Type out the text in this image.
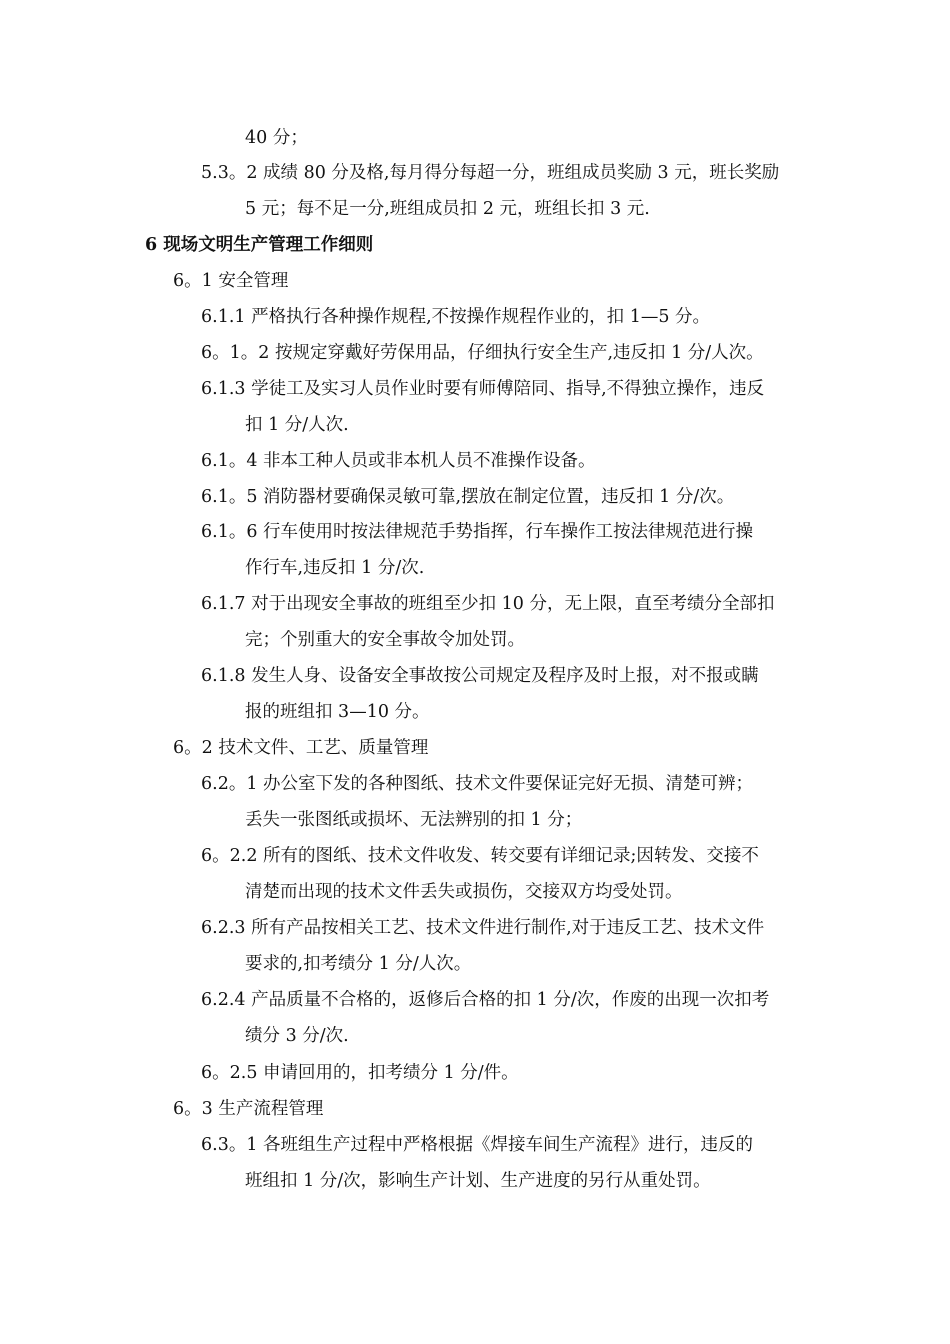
40 分；
5.3。2 成绩 80 分及格,每月得分每超一分，班组成员奖励 3 元，班长奖励
5 元；每不足一分,班组成员扣 2 元，班组长扣 3 元.
6 现场文明生产管理工作细则
6。1 安全管理
6.1.1 严格执行各种操作规程,不按操作规程作业的，扣 1—5 分。
6。1。2 按规定穿戴好劳保用品，仔细执行安全生产,违反扣 1 分/人次。
6.1.3 学徒工及实习人员作业时要有师傅陪同、指导,不得独立操作，违反
扣 1 分/人次.
6.1。4 非本工种人员或非本机人员不准操作设备。
6.1。5 消防器材要确保灵敏可靠,摆放在制定位置，违反扣 1 分/次。
6.1。6 行车使用时按法律规范手势指挥，行车操作工按法律规范进行操
作行车,违反扣 1 分/次.
6.1.7 对于出现安全事故的班组至少扣 10 分，无上限，直至考绩分全部扣
完；个别重大的安全事故令加处罚。
6.1.8 发生人身、设备安全事故按公司规定及程序及时上报，对不报或瞒
报的班组扣 3—10 分。
6。2 技术文件、工艺、质量管理
6.2。1 办公室下发的各种图纸、技术文件要保证完好无损、清楚可辨；
丢失一张图纸或损坏、无法辨别的扣 1 分；
6。2.2 所有的图纸、技术文件收发、转交要有详细记录;因转发、交接不
清楚而出现的技术文件丢失或损伤，交接双方均受处罚。
6.2.3 所有产品按相关工艺、技术文件进行制作,对于违反工艺、技术文件
要求的,扣考绩分 1 分/人次。
6.2.4 产品质量不合格的，返修后合格的扣 1 分/次，作废的出现一次扣考
绩分 3 分/次.
6。2.5 申请回用的，扣考绩分 1 分/件。
6。3 生产流程管理
6.3。1 各班组生产过程中严格根据《焊接车间生产流程》进行，违反的
班组扣 1 分/次，影响生产计划、生产进度的另行从重处罚。
